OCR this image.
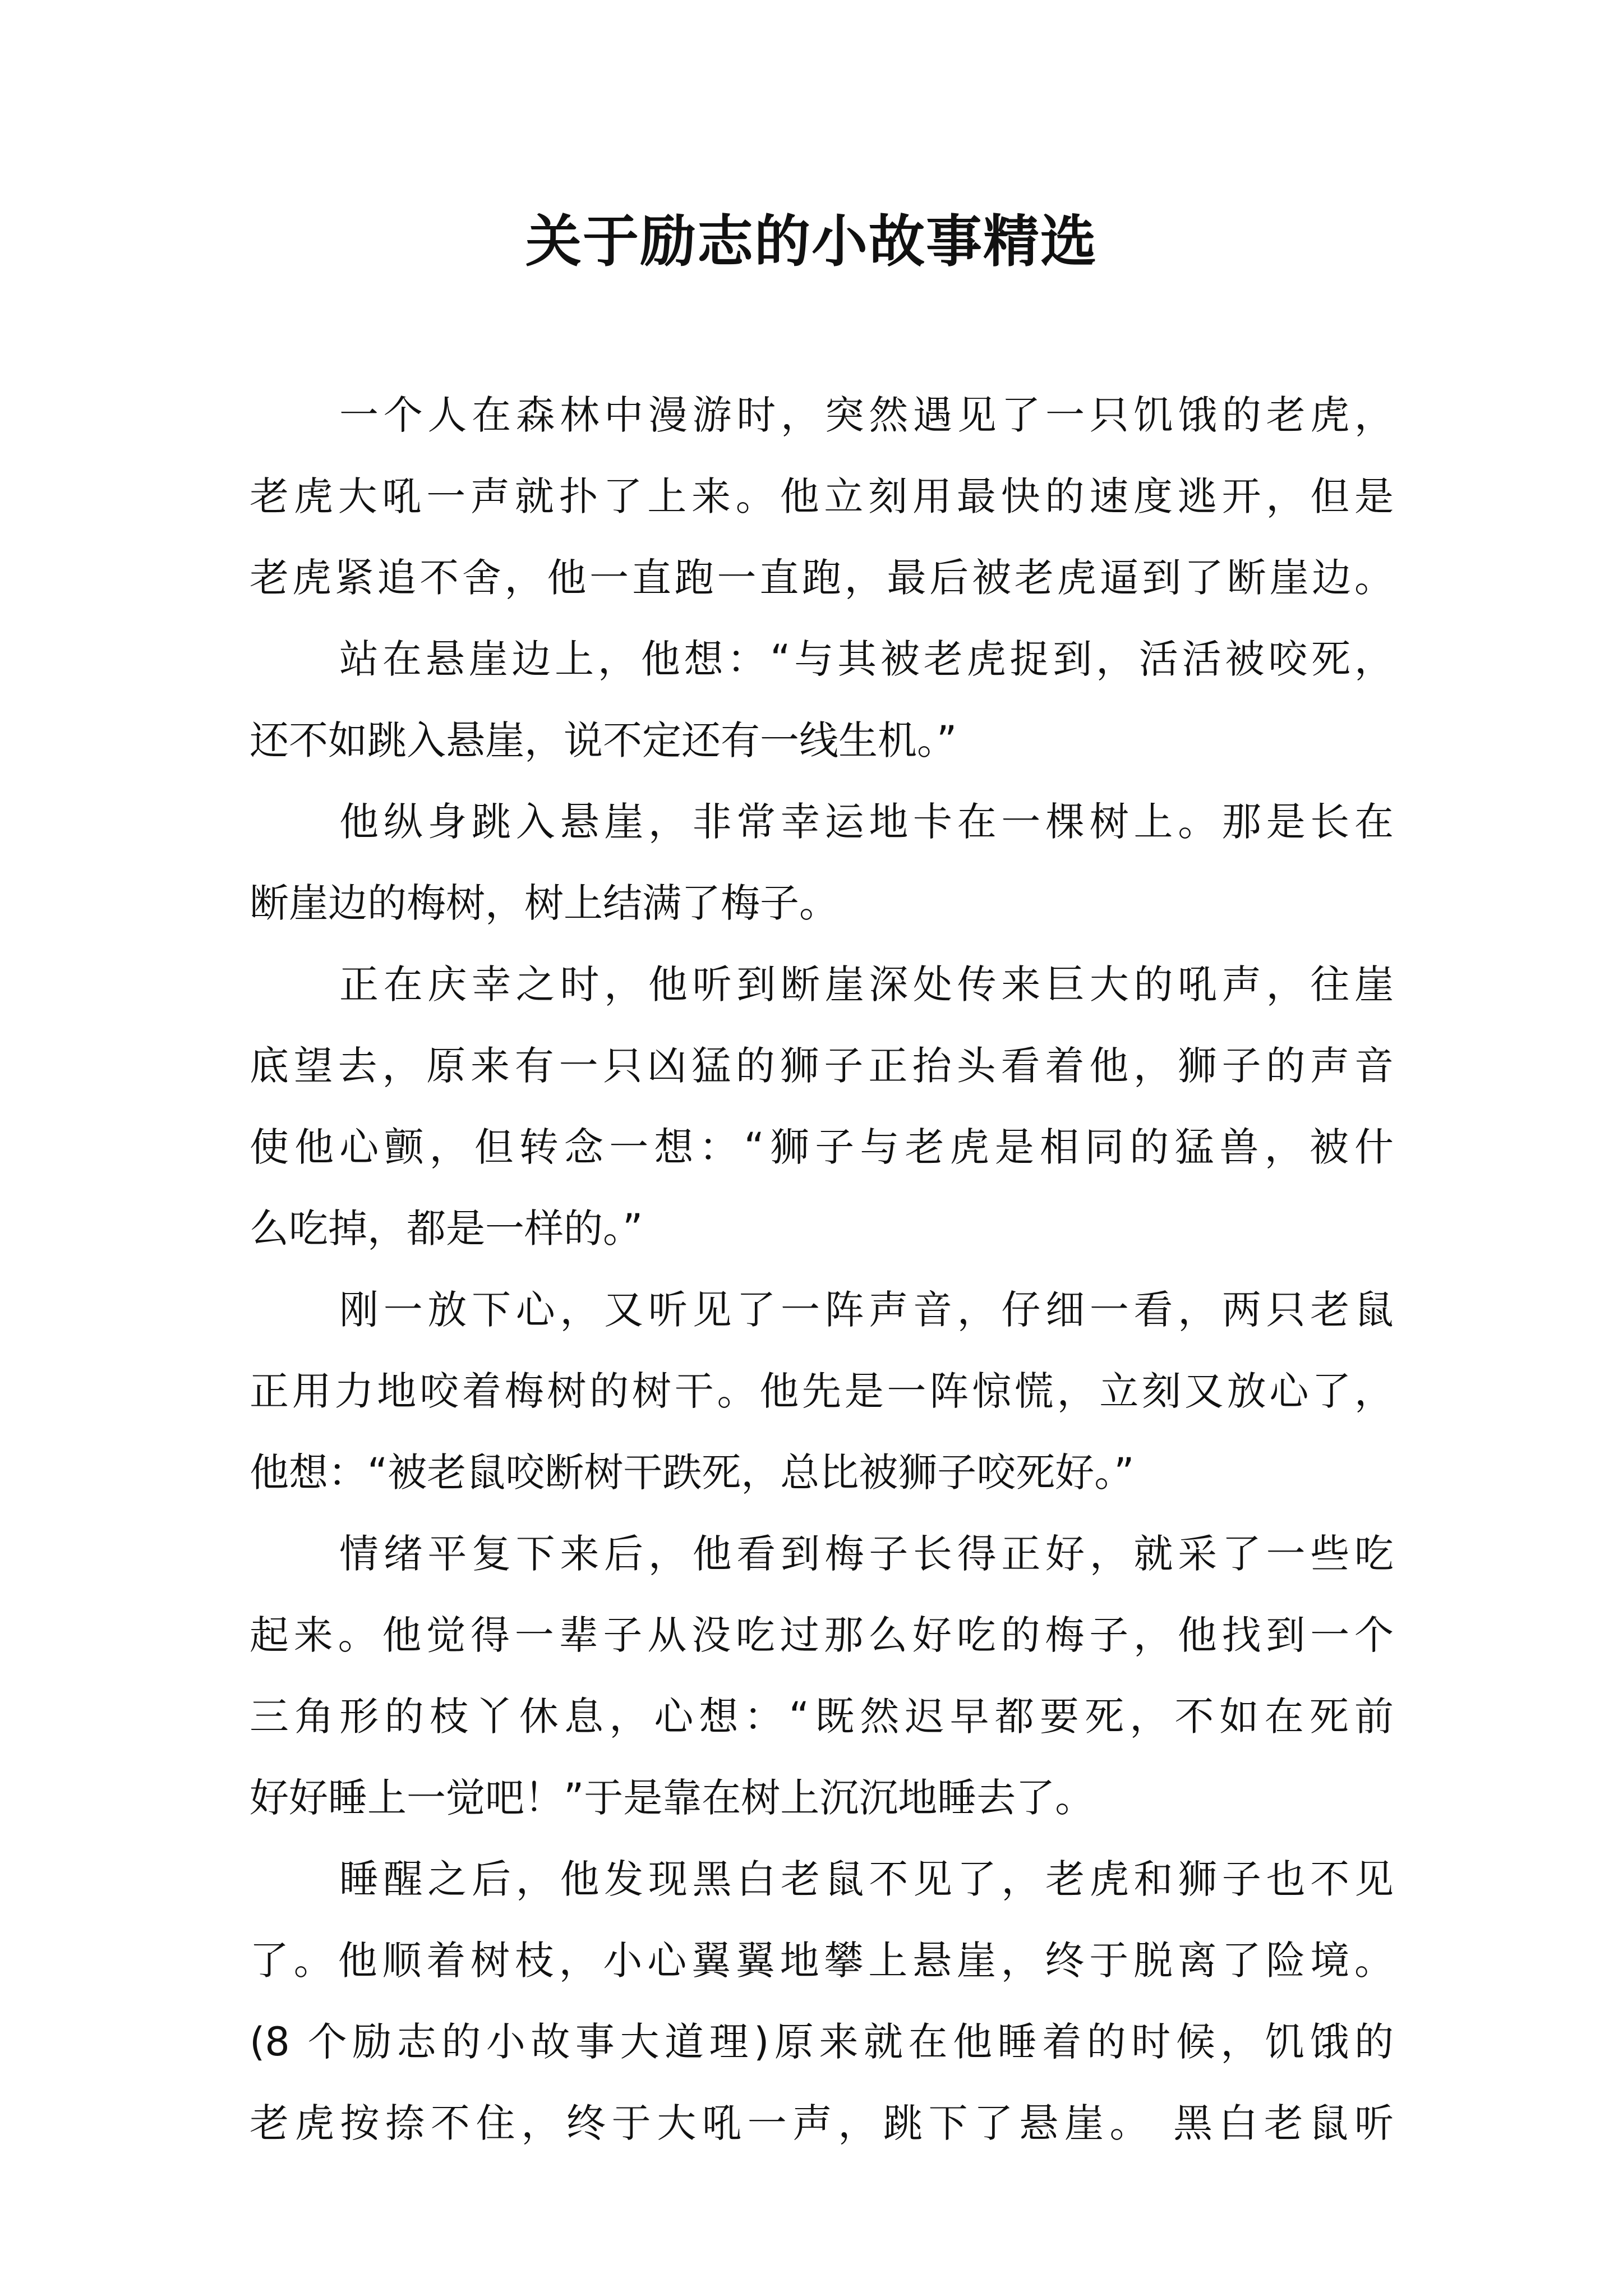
关于励志的小故事精选
一个人在森林中漫游时，突然遇见了一只饥饿的老虎，
老虎大吼一声就扑了上来。他立刻用最快的速度逃开，但是
老虎紧追不舍，他一直跑一直跑，最后被老虎逼到了断崖边。
站在悬崖边上，他想：“与其被老虎捉到，活活被咬死，
还不如跳入悬崖，说不定还有一线生机。”
他纵身跳入悬崖，非常幸运地卡在一棵树上。那是长在
断崖边的梅树，树上结满了梅子。
正在庆幸之时，他听到断崖深处传来巨大的吼声，往崖
底望去，原来有一只凶猛的狮子正抬头看着他，狮子的声音
使他心颤，但转念一想：“狮子与老虎是相同的猛兽，被什
么吃掉，都是一样的。”
刚一放下心，又听见了一阵声音，仔细一看，两只老鼠
正用力地咬着梅树的树干。他先是一阵惊慌，立刻又放心了，
他想：“被老鼠咬断树干跌死，总比被狮子咬死好。”
情绪平复下来后，他看到梅子长得正好，就采了一些吃
起来。他觉得一辈子从没吃过那么好吃的梅子，他找到一个
三角形的枝丫休息，心想：“既然迟早都要死，不如在死前
好好睡上一觉吧！”于是靠在树上沉沉地睡去了。
睡醒之后，他发现黑白老鼠不见了，老虎和狮子也不见
了。他顺着树枝，小心翼翼地攀上悬崖，终于脱离了险境。
(8 个励志的小故事大道理)原来就在他睡着的时候，饥饿的
老虎按捺不住，终于大吼一声，跳下了悬崖。 黑白老鼠听
